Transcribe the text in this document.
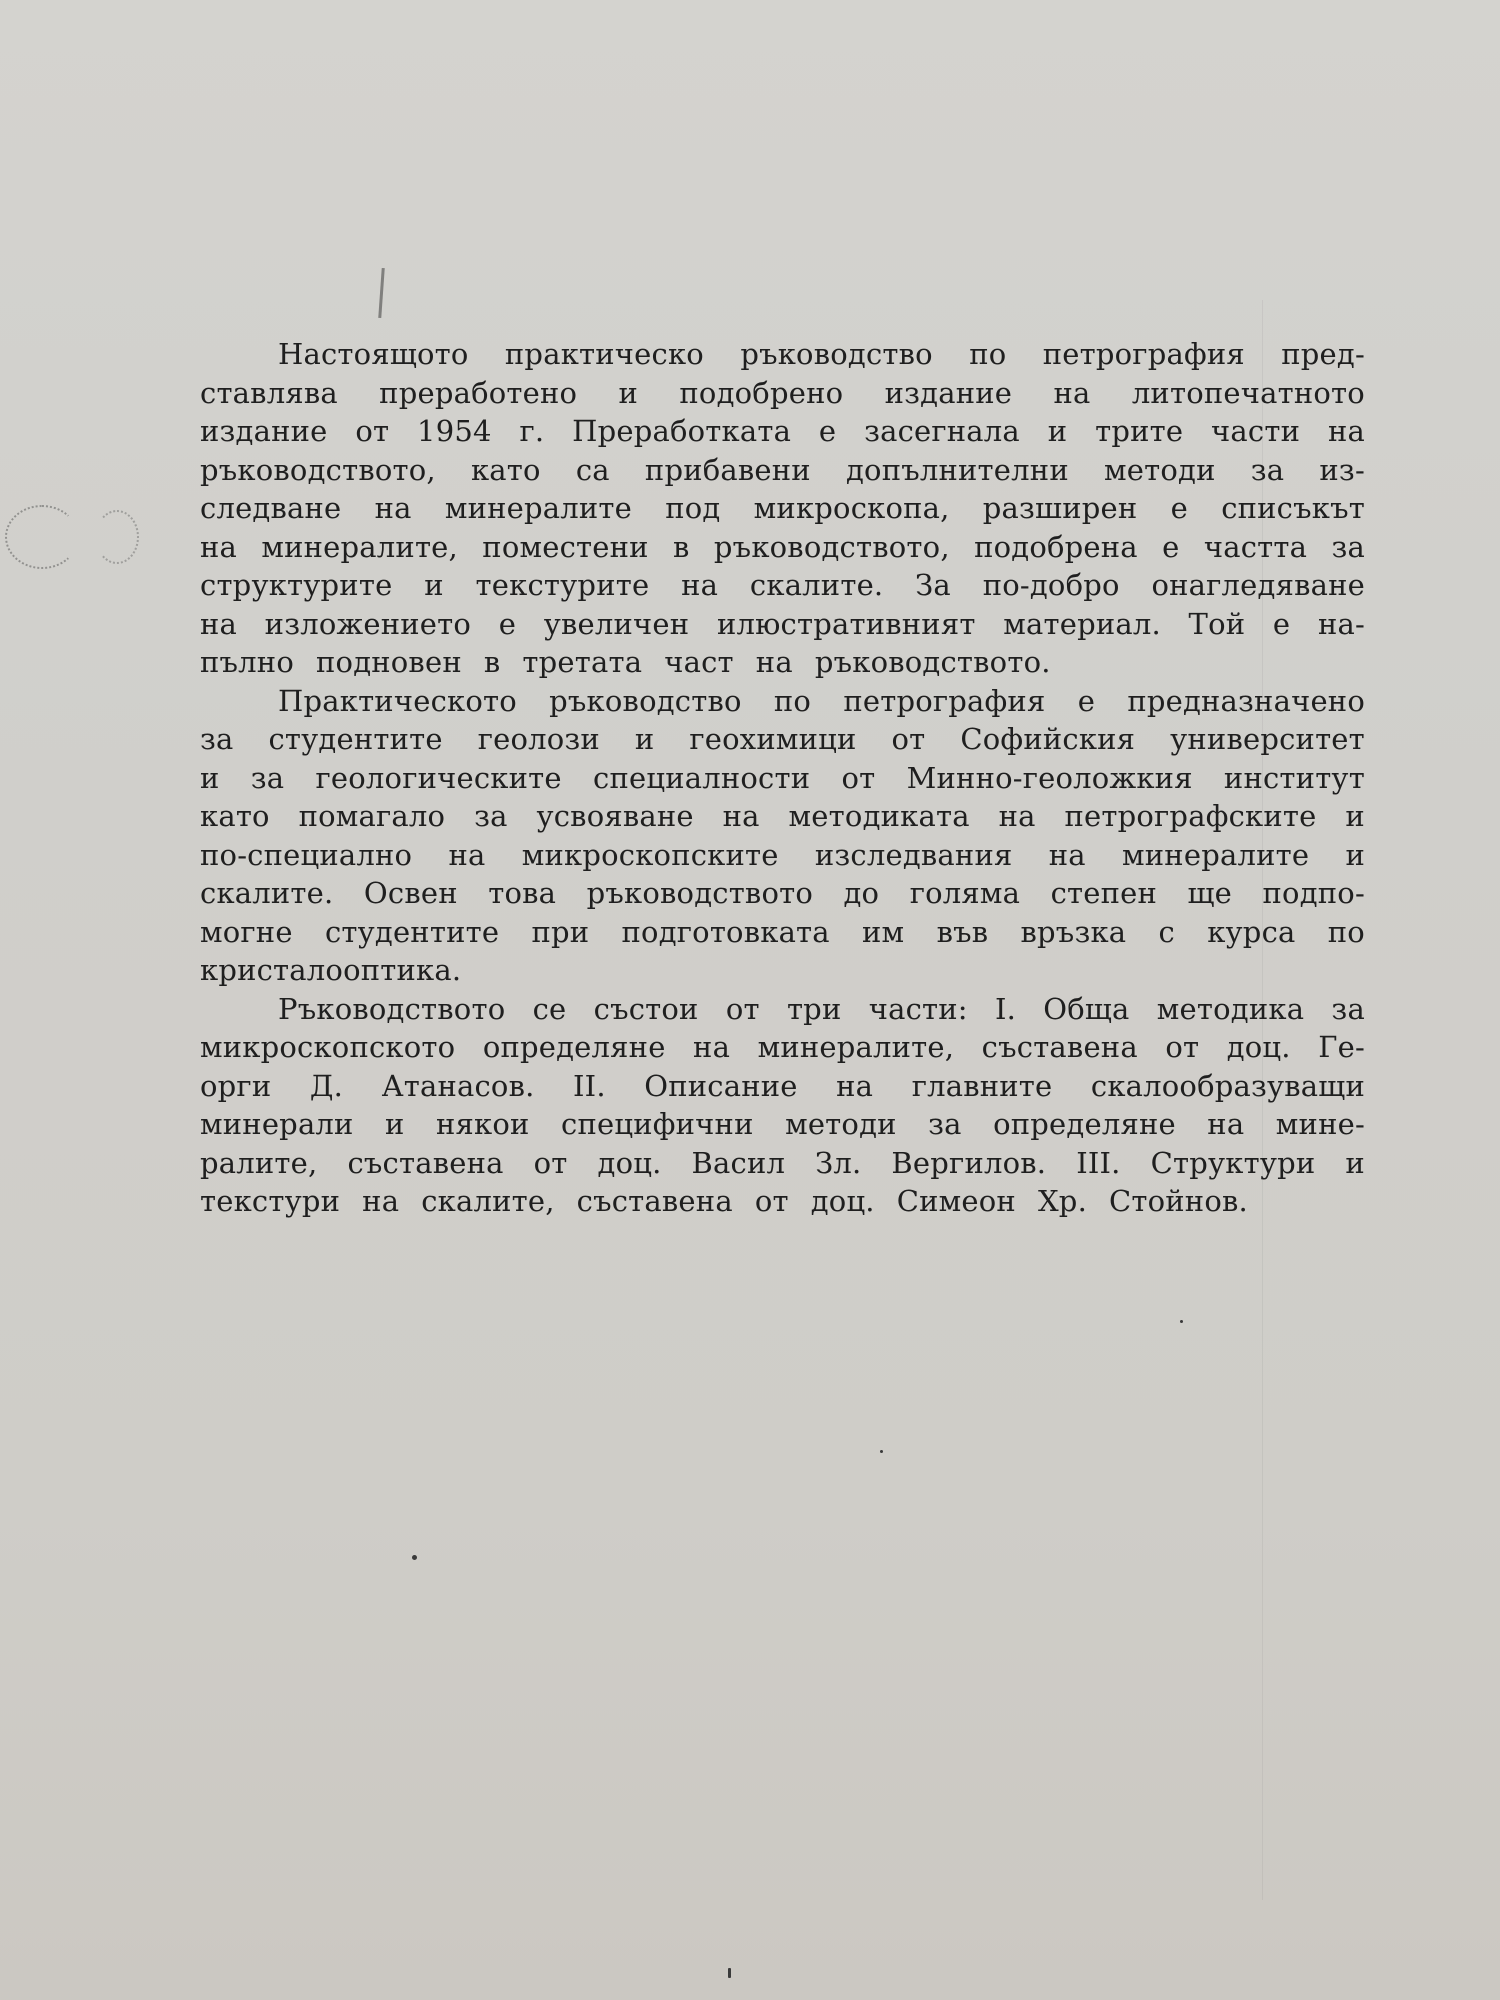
Настоящото практическо ръководство по петрография пред-
ставлява преработено и подобрено издание на литопечатното
издание от 1954 г. Преработката е засегнала и трите части на
ръководството, като са прибавени допълнителни методи за из-
следване на минералите под микроскопа, разширен е списъкът
на минералите, поместени в ръководството, подобрена е частта за
структурите и текстурите на скалите. За по-добро онагледяване
на изложението е увеличен илюстративният материал. Той е на-
пълно подновен в третата част на ръководството.
Практическото ръководство по петрография е предназначено
за студентите геолози и геохимици от Софийския университет
и за геологическите специалности от Минно-геоложкия институт
като помагало за усвояване на методиката на петрографските и
по-специално на микроскопските изследвания на минералите и
скалите. Освен това ръководството до голяма степен ще подпо-
могне студентите при подготовката им във връзка с курса по
кристалооптика.
Ръководството се състои от три части: I. Обща методика за
микроскопското определяне на минералите, съставена от доц. Ге-
орги Д. Атанасов. II. Описание на главните скалообразуващи
минерали и някои специфични методи за определяне на мине-
ралите, съставена от доц. Васил Зл. Вергилов. III. Структури и
текстури на скалите, съставена от доц. Симеон Хр. Стойнов.
